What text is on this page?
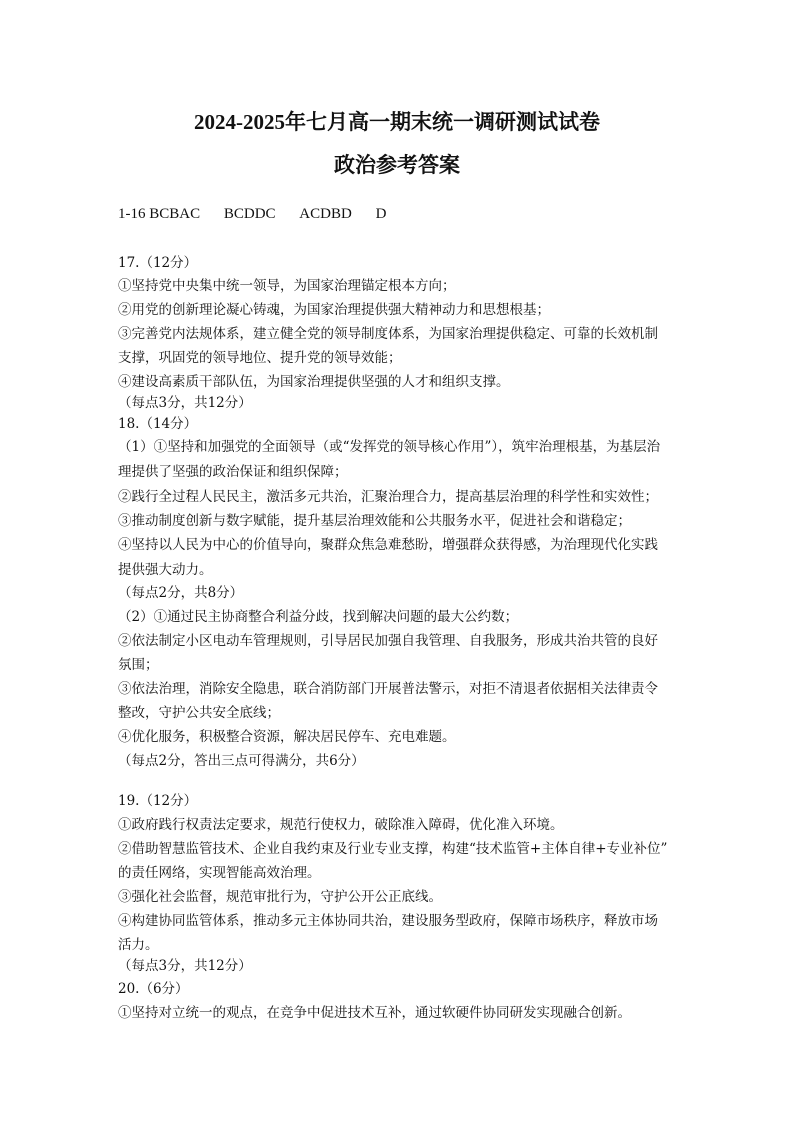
2024-2025年七月高一期末统一调研测试试卷
政治参考答案
1-16 BCBAC BCDDC ACDBD D
17.（12分）
①坚持党中央集中统一领导，为国家治理锚定根本方向；
②用党的创新理论凝心铸魂，为国家治理提供强大精神动力和思想根基；
③完善党内法规体系，建立健全党的领导制度体系，为国家治理提供稳定、可靠的长效机制
支撑，巩固党的领导地位、提升党的领导效能；
④建设高素质干部队伍，为国家治理提供坚强的人才和组织支撑。
（每点3分，共12分）
18.（14分）
（1）①坚持和加强党的全面领导（或“发挥党的领导核心作用”），筑牢治理根基，为基层治
理提供了坚强的政治保证和组织保障；
②践行全过程人民民主，激活多元共治，汇聚治理合力，提高基层治理的科学性和实效性；
③推动制度创新与数字赋能，提升基层治理效能和公共服务水平，促进社会和谐稳定；
④坚持以人民为中心的价值导向，聚群众焦急难愁盼，增强群众获得感，为治理现代化实践
提供强大动力。
（每点2分，共8分）
（2）①通过民主协商整合利益分歧，找到解决问题的最大公约数；
②依法制定小区电动车管理规则，引导居民加强自我管理、自我服务，形成共治共管的良好
氛围；
③依法治理，消除安全隐患，联合消防部门开展普法警示，对拒不清退者依据相关法律责令
整改，守护公共安全底线；
④优化服务，积极整合资源，解决居民停车、充电难题。
（每点2分，答出三点可得满分，共6分）
19.（12分）
①政府践行权责法定要求，规范行使权力，破除准入障碍，优化准入环境。
②借助智慧监管技术、企业自我约束及行业专业支撑，构建“技术监管+主体自律+专业补位”
的责任网络，实现智能高效治理。
③强化社会监督，规范审批行为，守护公开公正底线。
④构建协同监管体系，推动多元主体协同共治，建设服务型政府，保障市场秩序，释放市场
活力。
（每点3分，共12分）
20.（6分）
①坚持对立统一的观点，在竞争中促进技术互补，通过软硬件协同研发实现融合创新。
